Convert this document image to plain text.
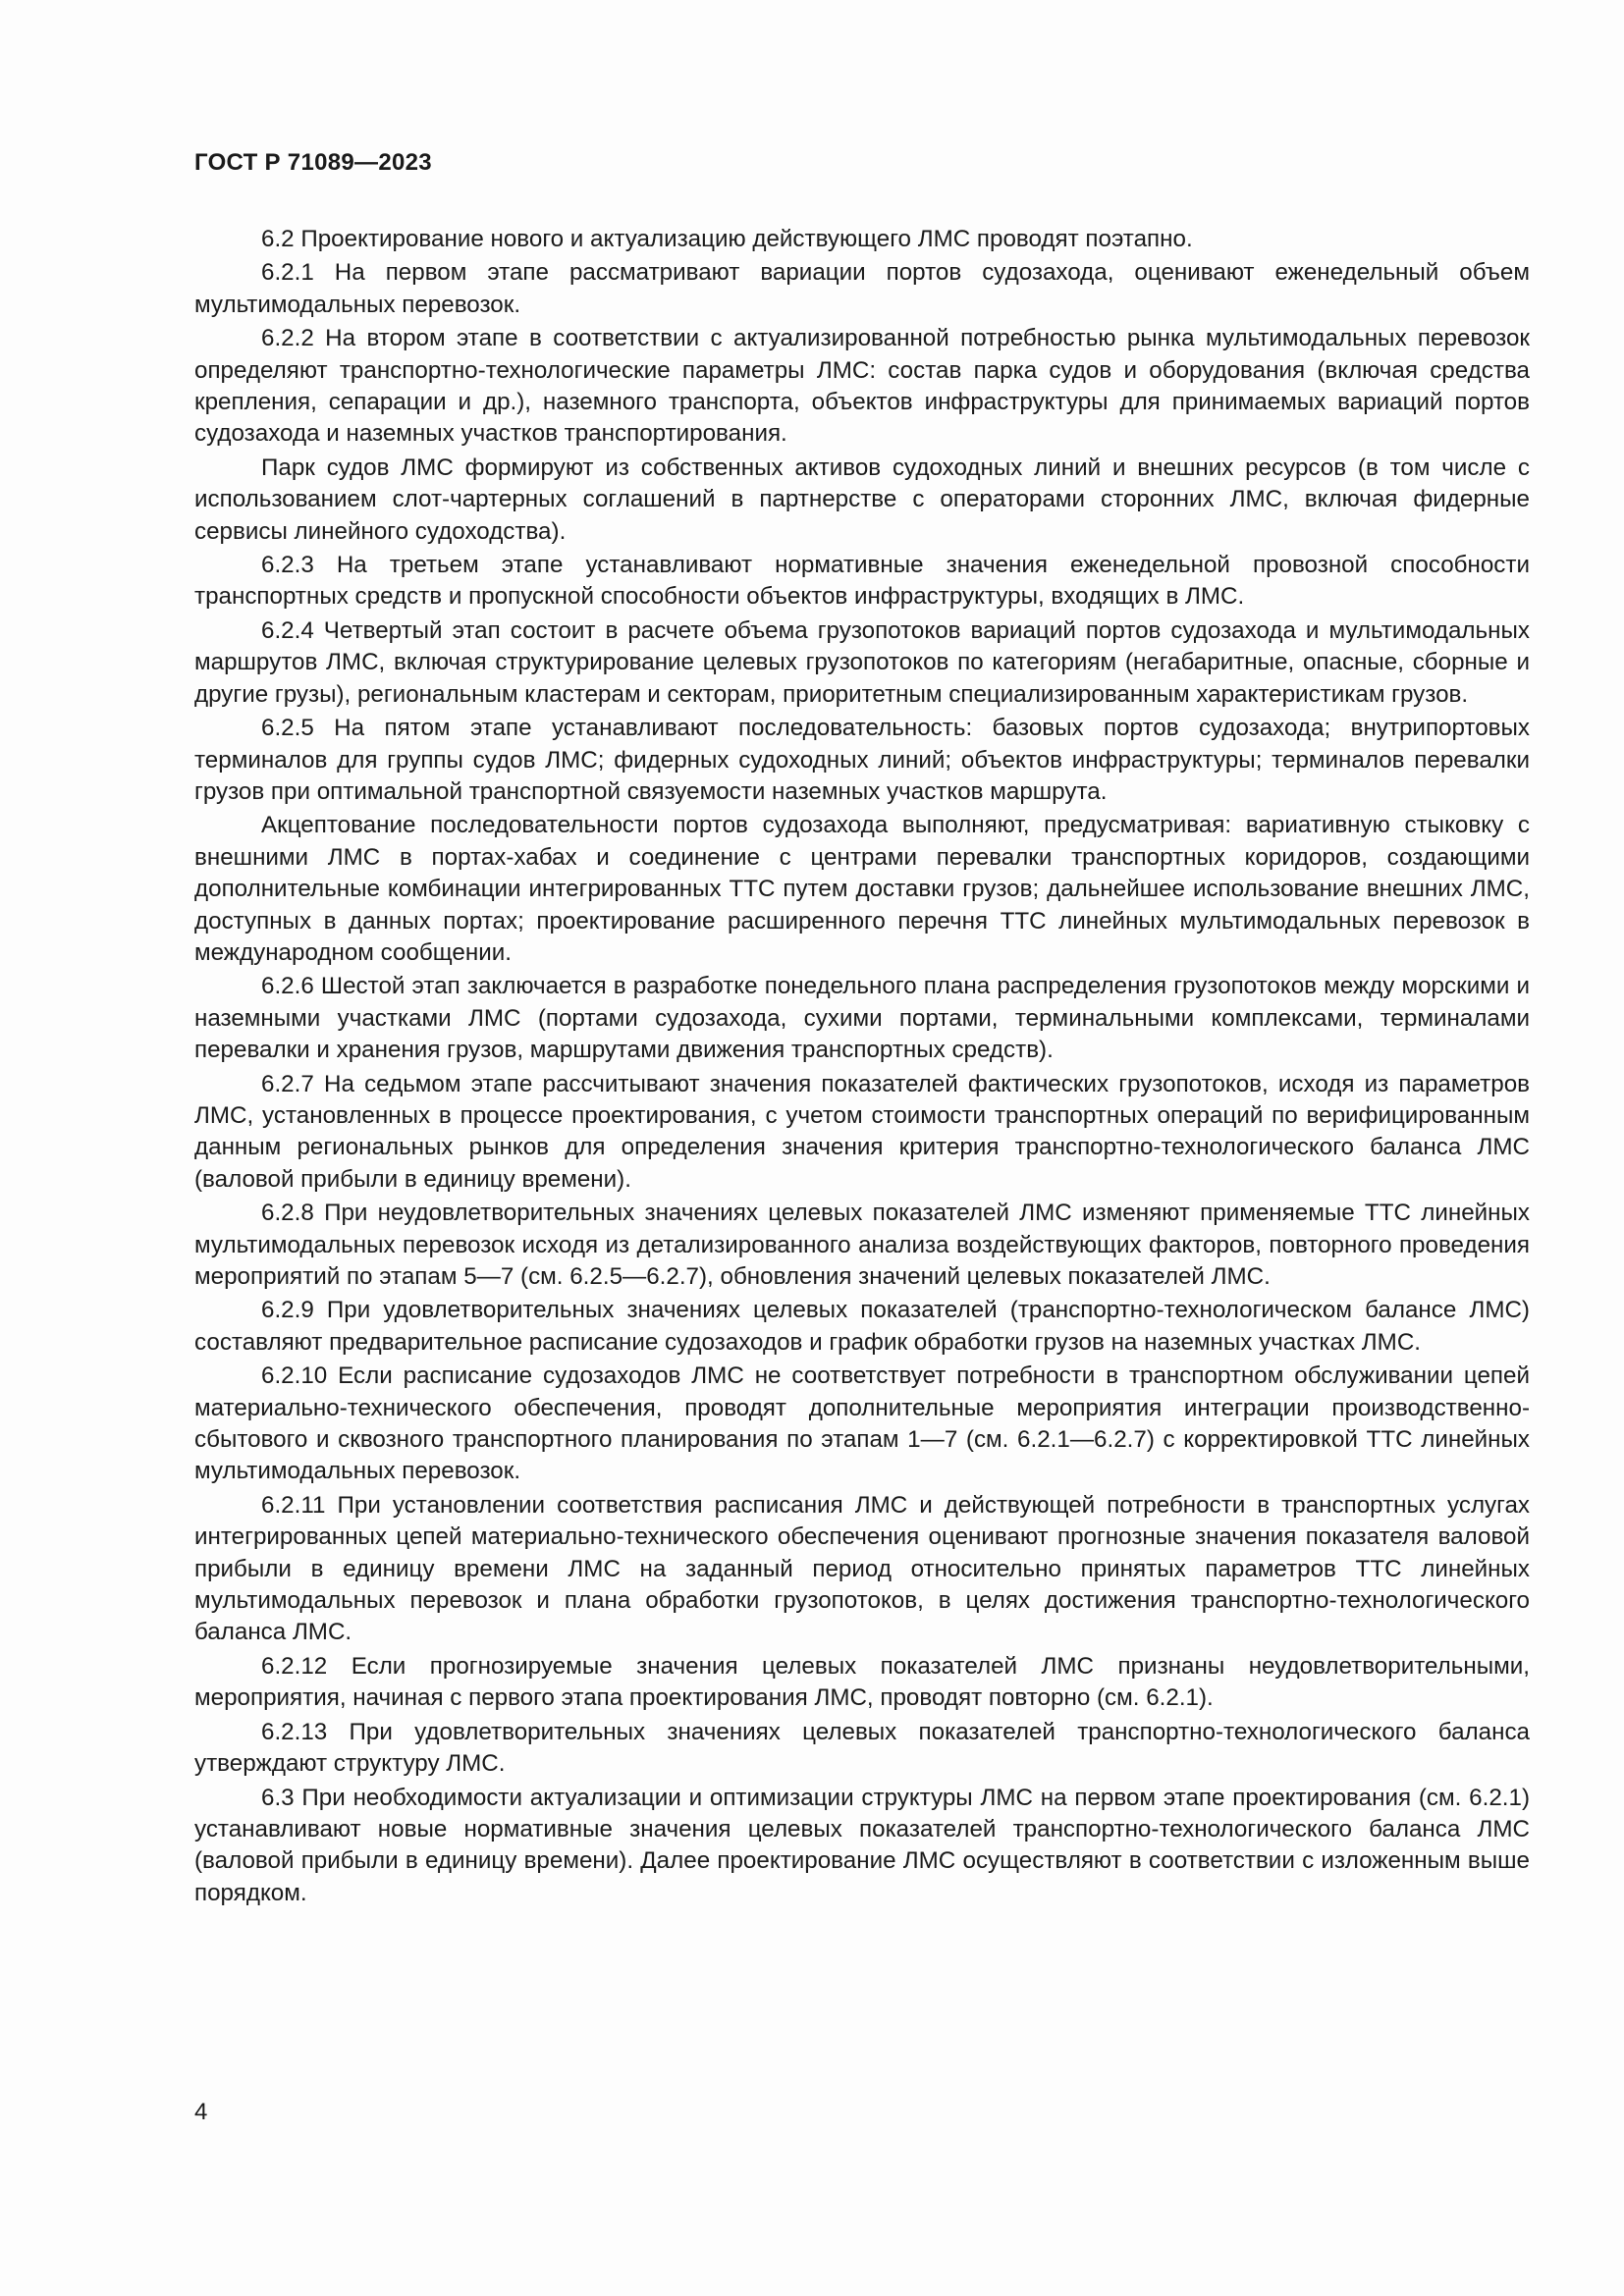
ГОСТ Р 71089—2023

6.2 Проектирование нового и актуализацию действующего ЛМС проводят поэтапно.

6.2.1 На первом этапе рассматривают вариации портов судозахода, оценивают еженедельный объем мультимодальных перевозок.

6.2.2 На втором этапе в соответствии с актуализированной потребностью рынка мультимодальных перевозок определяют транспортно-технологические параметры ЛМС: состав парка судов и оборудования (включая средства крепления, сепарации и др.), наземного транспорта, объектов инфраструктуры для принимаемых вариаций портов судозахода и наземных участков транспортирования.

Парк судов ЛМС формируют из собственных активов судоходных линий и внешних ресурсов (в том числе с использованием слот-чартерных соглашений в партнерстве с операторами сторонних ЛМС, включая фидерные сервисы линейного судоходства).

6.2.3 На третьем этапе устанавливают нормативные значения еженедельной провозной способности транспортных средств и пропускной способности объектов инфраструктуры, входящих в ЛМС.

6.2.4 Четвертый этап состоит в расчете объема грузопотоков вариаций портов судозахода и мультимодальных маршрутов ЛМС, включая структурирование целевых грузопотоков по категориям (негабаритные, опасные, сборные и другие грузы), региональным кластерам и секторам, приоритетным специализированным характеристикам грузов.

6.2.5 На пятом этапе устанавливают последовательность: базовых портов судозахода; внутрипортовых терминалов для группы судов ЛМС; фидерных судоходных линий; объектов инфраструктуры; терминалов перевалки грузов при оптимальной транспортной связуемости наземных участков маршрута.

Акцептование последовательности портов судозахода выполняют, предусматривая: вариативную стыковку с внешними ЛМС в портах-хабах и соединение с центрами перевалки транспортных коридоров, создающими дополнительные комбинации интегрированных ТТС путем доставки грузов; дальнейшее использование внешних ЛМС, доступных в данных портах; проектирование расширенного перечня ТТС линейных мультимодальных перевозок в международном сообщении.

6.2.6 Шестой этап заключается в разработке понедельного плана распределения грузопотоков между морскими и наземными участками ЛМС (портами судозахода, сухими портами, терминальными комплексами, терминалами перевалки и хранения грузов, маршрутами движения транспортных средств).

6.2.7 На седьмом этапе рассчитывают значения показателей фактических грузопотоков, исходя из параметров ЛМС, установленных в процессе проектирования, с учетом стоимости транспортных операций по верифицированным данным региональных рынков для определения значения критерия транспортно-технологического баланса ЛМС (валовой прибыли в единицу времени).

6.2.8 При неудовлетворительных значениях целевых показателей ЛМС изменяют применяемые ТТС линейных мультимодальных перевозок исходя из детализированного анализа воздействующих факторов, повторного проведения мероприятий по этапам 5—7 (см. 6.2.5—6.2.7), обновления значений целевых показателей ЛМС.

6.2.9 При удовлетворительных значениях целевых показателей (транспортно-технологическом балансе ЛМС) составляют предварительное расписание судозаходов и график обработки грузов на наземных участках ЛМС.

6.2.10 Если расписание судозаходов ЛМС не соответствует потребности в транспортном обслуживании цепей материально-технического обеспечения, проводят дополнительные мероприятия интеграции производственно-сбытового и сквозного транспортного планирования по этапам 1—7 (см. 6.2.1—6.2.7) с корректировкой ТТС линейных мультимодальных перевозок.

6.2.11 При установлении соответствия расписания ЛМС и действующей потребности в транспортных услугах интегрированных цепей материально-технического обеспечения оценивают прогнозные значения показателя валовой прибыли в единицу времени ЛМС на заданный период относительно принятых параметров ТТС линейных мультимодальных перевозок и плана обработки грузопотоков, в целях достижения транспортно-технологического баланса ЛМС.

6.2.12 Если прогнозируемые значения целевых показателей ЛМС признаны неудовлетворительными, мероприятия, начиная с первого этапа проектирования ЛМС, проводят повторно (см. 6.2.1).

6.2.13 При удовлетворительных значениях целевых показателей транспортно-технологического баланса утверждают структуру ЛМС.

6.3 При необходимости актуализации и оптимизации структуры ЛМС на первом этапе проектирования (см. 6.2.1) устанавливают новые нормативные значения целевых показателей транспортно-технологического баланса ЛМС (валовой прибыли в единицу времени). Далее проектирование ЛМС осуществляют в соответствии с изложенным выше порядком.

4
